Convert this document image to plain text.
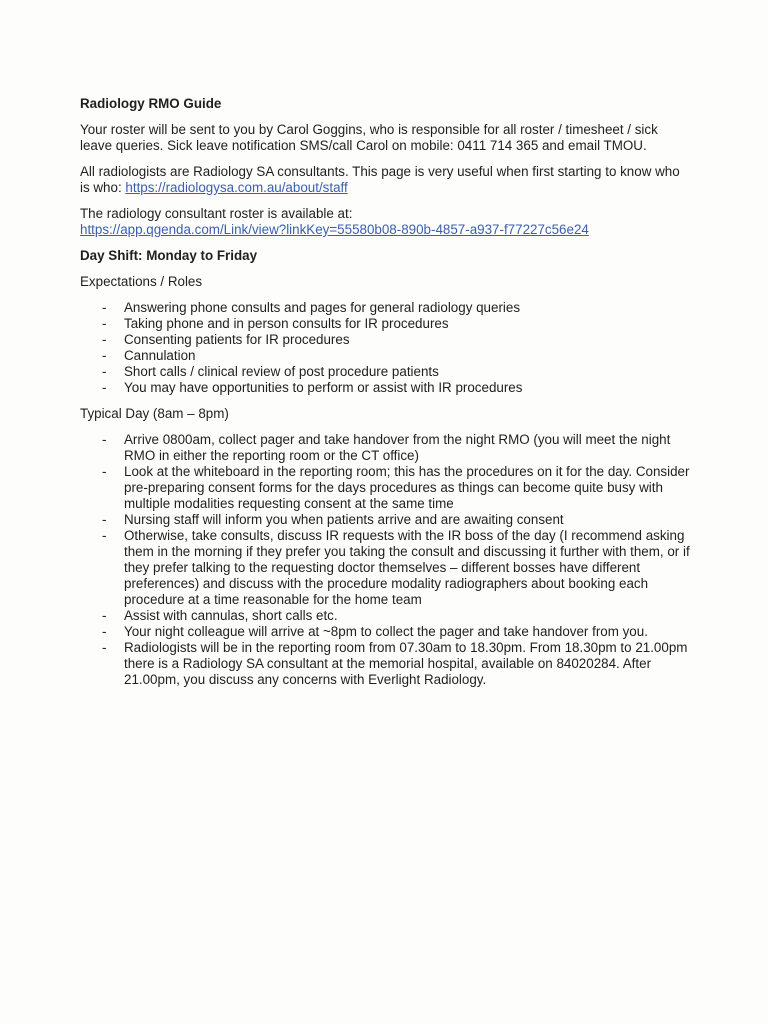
Radiology RMO Guide

Your roster will be sent to you by Carol Goggins, who is responsible for all roster / timesheet / sick
leave queries. Sick leave notification SMS/call Carol on mobile: 0411 714 365 and email TMOU.

All radiologists are Radiology SA consultants. This page is very useful when first starting to know who is who: https://radiologysa.com.au/about/staff

The radiology consultant roster is available at:
https://app.qgenda.com/Link/view?linkKey=55580b08-890b-4857-a937-f77227c56e24

Day Shift: Monday to Friday
Expectations / Roles
- Answering phone consults and pages for general radiology queries
- Taking phone and in person consults for IR procedures
- Consenting patients for IR procedures
- Cannulation
- Short calls / clinical review of post procedure patients
- You may have opportunities to perform or assist with IR procedures
Typical Day (8am – 8pm)
- Arrive 0800am, collect pager and take handover from the night RMO (you will meet the night RMO in either the reporting room or the CT office)
- Look at the whiteboard in the reporting room; this has the procedures on it for the day. Consider pre-preparing consent forms for the days procedures as things can become quite busy with multiple modalities requesting consent at the same time
- Nursing staff will inform you when patients arrive and are awaiting consent
- Otherwise, take consults, discuss IR requests with the IR boss of the day (I recommend asking them in the morning if they prefer you taking the consult and discussing it further with them, or if they prefer talking to the requesting doctor themselves – different bosses have different preferences) and discuss with the procedure modality radiographers about booking each procedure at a time reasonable for the home team
- Assist with cannulas, short calls etc.
- Your night colleague will arrive at ~8pm to collect the pager and take handover from you.
- Radiologists will be in the reporting room from 07.30am to 18.30pm. From 18.30pm to 21.00pm there is a Radiology SA consultant at the memorial hospital, available on 84020284. After 21.00pm, you discuss any concerns with Everlight Radiology.
